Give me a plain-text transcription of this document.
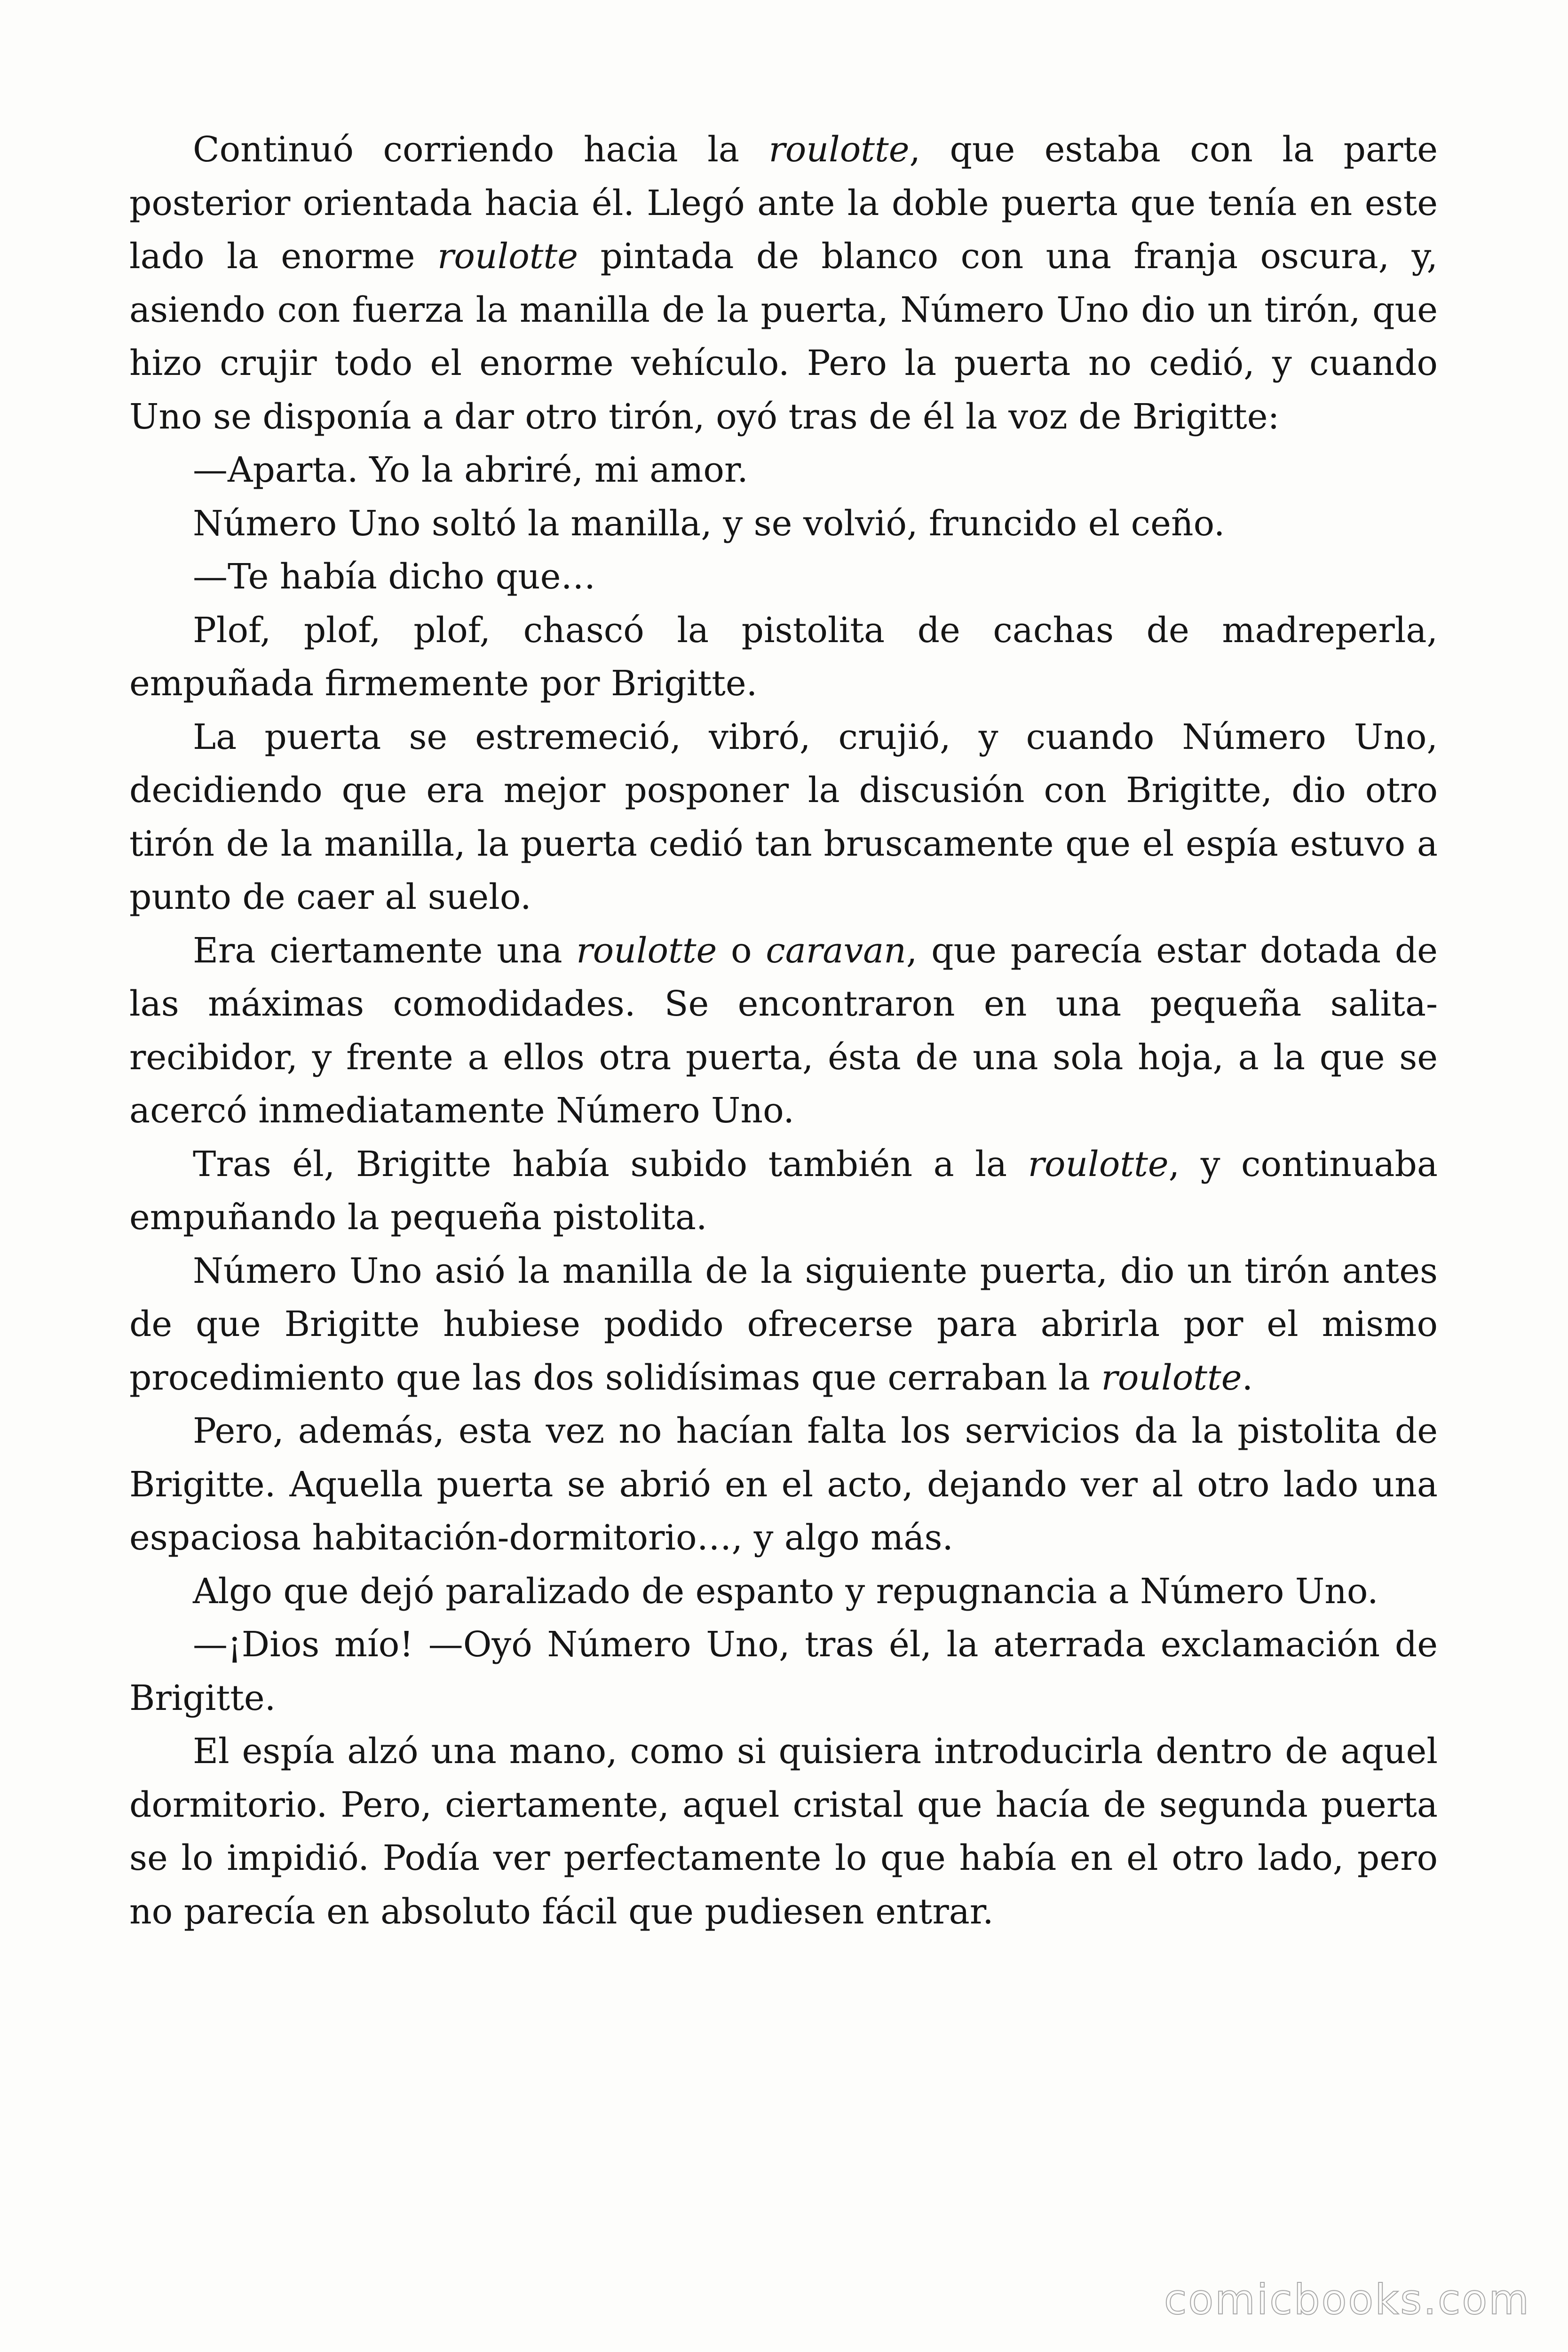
Continuó corriendo hacia la roulotte, que estaba con la parte posterior orientada hacia él. Llegó ante la doble puerta que tenía en este lado la enorme roulotte pintada de blanco con una franja oscura, y, asiendo con fuerza la manilla de la puerta, Número Uno dio un tirón, que hizo crujir todo el enorme vehículo. Pero la puerta no cedió, y cuando Uno se disponía a dar otro tirón, oyó tras de él la voz de Brigitte:

—Aparta. Yo la abriré, mi amor.

Número Uno soltó la manilla, y se volvió, fruncido el ceño.

—Te había dicho que…

Plof, plof, plof, chascó la pistolita de cachas de madreperla, empuñada firmemente por Brigitte.

La puerta se estremeció, vibró, crujió, y cuando Número Uno, decidiendo que era mejor posponer la discusión con Brigitte, dio otro tirón de la manilla, la puerta cedió tan bruscamente que el espía estuvo a punto de caer al suelo.

Era ciertamente una roulotte o caravan, que parecía estar dotada de las máximas comodidades. Se encontraron en una pequeña salita-recibidor, y frente a ellos otra puerta, ésta de una sola hoja, a la que se acercó inmediatamente Número Uno.

Tras él, Brigitte había subido también a la roulotte, y continuaba empuñando la pequeña pistolita.

Número Uno asió la manilla de la siguiente puerta, dio un tirón antes de que Brigitte hubiese podido ofrecerse para abrirla por el mismo procedimiento que las dos solidísimas que cerraban la roulotte.

Pero, además, esta vez no hacían falta los servicios da la pistolita de Brigitte. Aquella puerta se abrió en el acto, dejando ver al otro lado una espaciosa habitación-dormitorio…, y algo más.

Algo que dejó paralizado de espanto y repugnancia a Número Uno.

—¡Dios mío! —Oyó Número Uno, tras él, la aterrada exclamación de Brigitte.

El espía alzó una mano, como si quisiera introducirla dentro de aquel dormitorio. Pero, ciertamente, aquel cristal que hacía de segunda puerta se lo impidió. Podía ver perfectamente lo que había en el otro lado, pero no parecía en absoluto fácil que pudiesen entrar.

comicbooks.com
